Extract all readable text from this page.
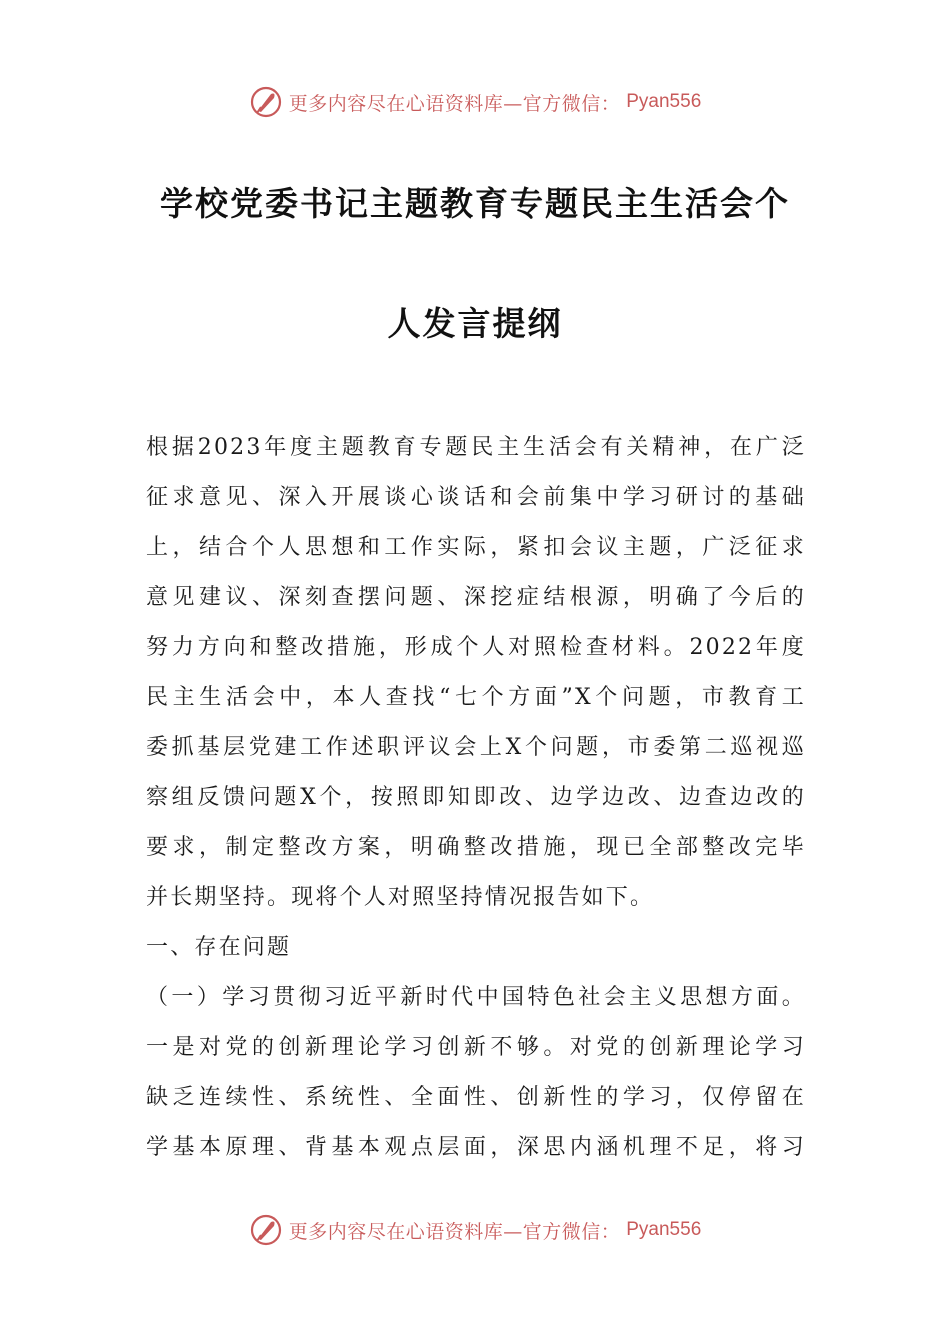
更多内容尽在心语资料库—官方微信： Pyan556
学校党委书记主题教育专题民主生活会个
人发言提纲
根据2023年度主题教育专题民主生活会有关精神，在广泛
征求意见、深入开展谈心谈话和会前集中学习研讨的基础
上，结合个人思想和工作实际，紧扣会议主题，广泛征求
意见建议、深刻查摆问题、深挖症结根源，明确了今后的
努力方向和整改措施，形成个人对照检查材料。2022年度
民主生活会中，本人查找“七个方面”X个问题，市教育工
委抓基层党建工作述职评议会上X个问题，市委第二巡视巡
察组反馈问题X个，按照即知即改、边学边改、边查边改的
要求，制定整改方案，明确整改措施，现已全部整改完毕
并长期坚持。现将个人对照坚持情况报告如下。
一、存在问题
（一）学习贯彻习近平新时代中国特色社会主义思想方面。
一是对党的创新理论学习创新不够。对党的创新理论学习
缺乏连续性、系统性、全面性、创新性的学习，仅停留在
学基本原理、背基本观点层面，深思内涵机理不足，将习
更多内容尽在心语资料库—官方微信： Pyan556
